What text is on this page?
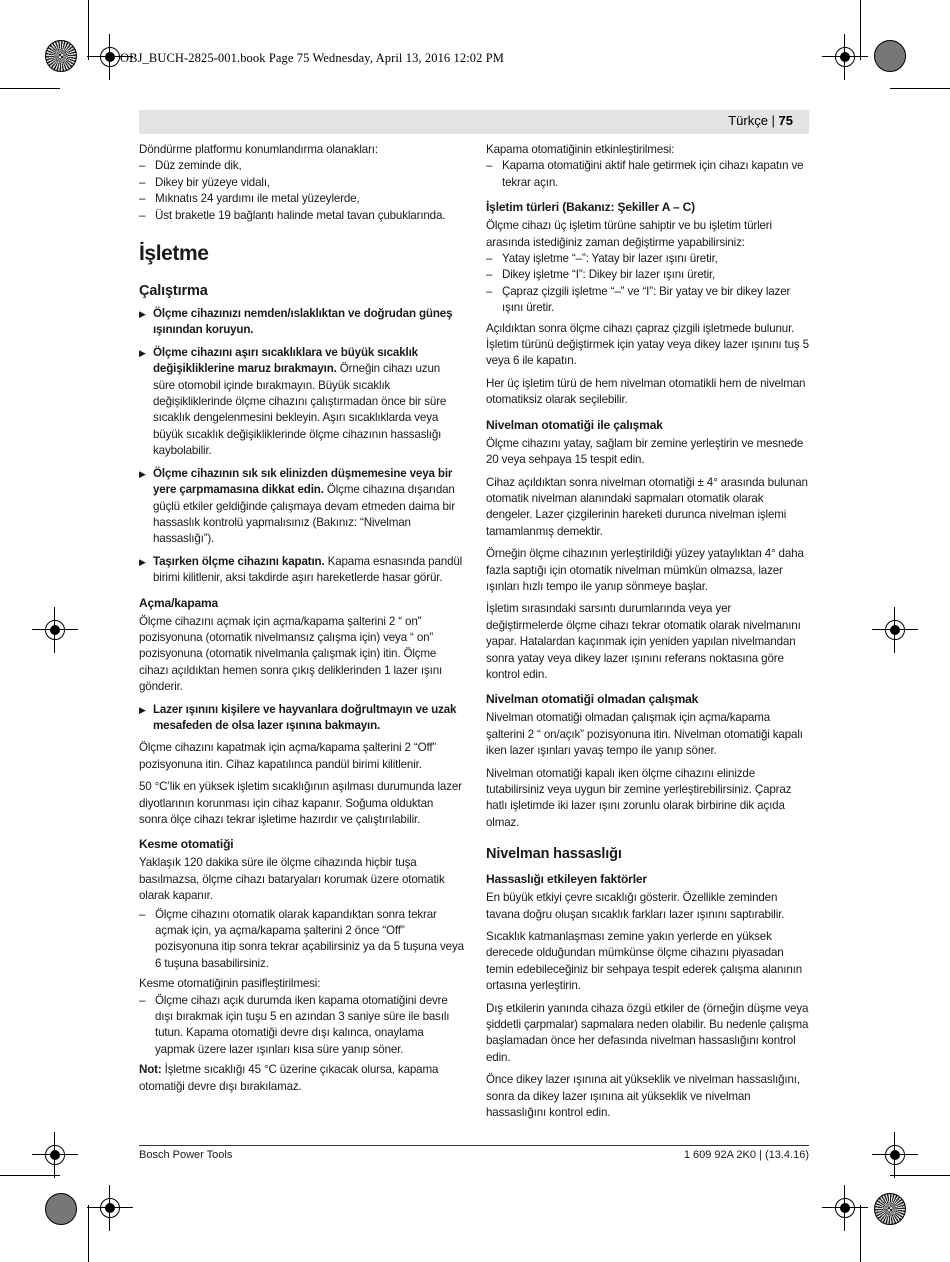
OBJ_BUCH-2825-001.book Page 75 Wednesday, April 13, 2016 12:02 PM
Türkçe | 75

Döndürme platformu konumlandırma olanakları:

– Düz zeminde dik,
– Dikey bir yüzeye vidalı,
– Mıknatıs 24 yardımı ile metal yüzeylerde,
– Üst braketle 19 bağlantı halinde metal tavan çubuklarında.
İşletme
Çalıştırma
▶ Ölçme cihazınızı nemden/ıslaklıktan ve doğrudan güneş ışınından koruyun.
▶ Ölçme cihazını aşırı sıcaklıklara ve büyük sıcaklık değişikliklerine maruz bırakmayın. Örneğin cihazı uzun süre otomobil içinde bırakmayın. Büyük sıcaklık değişikliklerinde ölçme cihazını çalıştırmadan önce bir süre sıcaklık dengelenmesini bekleyin. Aşırı sıcaklıklarda veya büyük sıcaklık değişikliklerinde ölçme cihazının hassaslığı kaybolabilir.
▶ Ölçme cihazının sık sık elinizden düşmemesine veya bir yere çarpmamasına dikkat edin. Ölçme cihazına dışarıdan güçlü etkiler geldiğinde çalışmaya devam etmeden daima bir hassaslık kontrolü yapmalısınız (Bakınız: “Nivelman hassaslığı”).
▶ Taşırken ölçme cihazını kapatın. Kapama esnasında pandül birimi kilitlenir, aksi takdirde aşırı hareketlerde hasar görür.
Açma/kapama

Ölçme cihazını açmak için açma/kapama şalterini 2 “ on” pozisyonuna (otomatik nivelmansız çalışma için) veya “ on” pozisyonuna (otomatik nivelmanla çalışmak için) itin. Ölçme cihazı açıldıktan hemen sonra çıkış deliklerinden 1 lazer ışını gönderir.

▶ Lazer ışınını kişilere ve hayvanlara doğrultmayın ve uzak mesafeden de olsa lazer ışınına bakmayın.

Ölçme cihazını kapatmak için açma/kapama şalterini 2 “Off” pozisyonuna itin. Cihaz kapatılınca pandül birimi kilitlenir.

50 °C’lik en yüksek işletim sıcaklığının aşılması durumunda lazer diyotlarının korunması için cihaz kapanır. Soğuma olduktan sonra ölçe cihazı tekrar işletime hazırdır ve çalıştırılabilir.

Kesme otomatiği

Yaklaşık 120 dakika süre ile ölçme cihazında hiçbir tuşa basılmazsa, ölçme cihazı bataryaları korumak üzere otomatik olarak kapanır.

– Ölçme cihazını otomatik olarak kapandıktan sonra tekrar açmak için, ya açma/kapama şalterini 2 önce “Off” pozisyonuna itip sonra tekrar açabilirsiniz ya da 5 tuşuna veya 6 tuşuna basabilirsiniz.

Kesme otomatiğinin pasifleştirilmesi:

– Ölçme cihazı açık durumda iken kapama otomatiğini devre dışı bırakmak için tuşu 5 en azından 3 saniye süre ile basılı tutun. Kapama otomatiği devre dışı kalınca, onaylama yapmak üzere lazer ışınları kısa süre yanıp söner.

Not: İşletme sıcaklığı 45 °C üzerine çıkacak olursa, kapama otomatiği devre dışı bırakılamaz.

Kapama otomatiğinin etkinleştirilmesi:

– Kapama otomatiğini aktif hale getirmek için cihazı kapatın ve tekrar açın.
İşletim türleri (Bakanız: Şekiller A – C)

Ölçme cihazı üç işletim türüne sahiptir ve bu işletim türleri arasında istediğiniz zaman değiştirme yapabilirsiniz:

– Yatay işletme “–”: Yatay bir lazer ışını üretir,
– Dikey işletme “I”: Dikey bir lazer ışını üretir,
– Çapraz çizgili işletme “–” ve “I”: Bir yatay ve bir dikey lazer ışını üretir.

Açıldıktan sonra ölçme cihazı çapraz çizgili işletmede bulunur. İşletim türünü değiştirmek için yatay veya dikey lazer ışınını tuş 5 veya 6 ile kapatın.

Her üç işletim türü de hem nivelman otomatikli hem de nivelman otomatiksiz olarak seçilebilir.

Nivelman otomatiği ile çalışmak

Ölçme cihazını yatay, sağlam bir zemine yerleştirin ve mesnede 20 veya sehpaya 15 tespit edin.

Cihaz açıldıktan sonra nivelman otomatiği ± 4° arasında bulunan otomatik nivelman alanındaki sapmaları otomatik olarak dengeler. Lazer çizgilerinin hareketi durunca nivelman işlemi tamamlanmış demektir.

Örneğin ölçme cihazının yerleştirildiği yüzey yataylıktan 4° daha fazla saptığı için otomatik nivelman mümkün olmazsa, lazer ışınları hızlı tempo ile yanıp sönmeye başlar.

İşletim sırasındaki sarsıntı durumlarında veya yer değiştirmelerde ölçme cihazı tekrar otomatik olarak nivelmanını yapar. Hatalardan kaçınmak için yeniden yapılan nivelmandan sonra yatay veya dikey lazer ışınını referans noktasına göre kontrol edin.

Nivelman otomatiği olmadan çalışmak

Nivelman otomatiği olmadan çalışmak için açma/kapama şalterini 2 “ on/açık” pozisyonuna itin. Nivelman otomatiği kapalı iken lazer ışınları yavaş tempo ile yanıp söner.

Nivelman otomatiği kapalı iken ölçme cihazını elinizde tutabilirsiniz veya uygun bir zemine yerleştirebilirsiniz. Çapraz hatlı işletimde iki lazer ışını zorunlu olarak birbirine dik açıda olmaz.

Nivelman hassaslığı
Hassaslığı etkileyen faktörler

En büyük etkiyi çevre sıcaklığı gösterir. Özellikle zeminden tavana doğru oluşan sıcaklık farkları lazer ışınını saptırabilir.

Sıcaklık katmanlaşması zemine yakın yerlerde en yüksek derecede olduğundan mümkünse ölçme cihazını piyasadan temin edebileceğiniz bir sehpaya tespit ederek çalışma alanının ortasına yerleştirin.

Dış etkilerin yanında cihaza özgü etkiler de (örneğin düşme veya şiddetli çarpmalar) sapmalara neden olabilir. Bu nedenle çalışma başlamadan önce her defasında nivelman hassaslığını kontrol edin.

Önce dikey lazer ışınına ait yükseklik ve nivelman hassaslığını, sonra da dikey lazer ışınına ait yükseklik ve nivelman hassaslığını kontrol edin.

Bosch Power Tools	1 609 92A 2K0 | (13.4.16)
